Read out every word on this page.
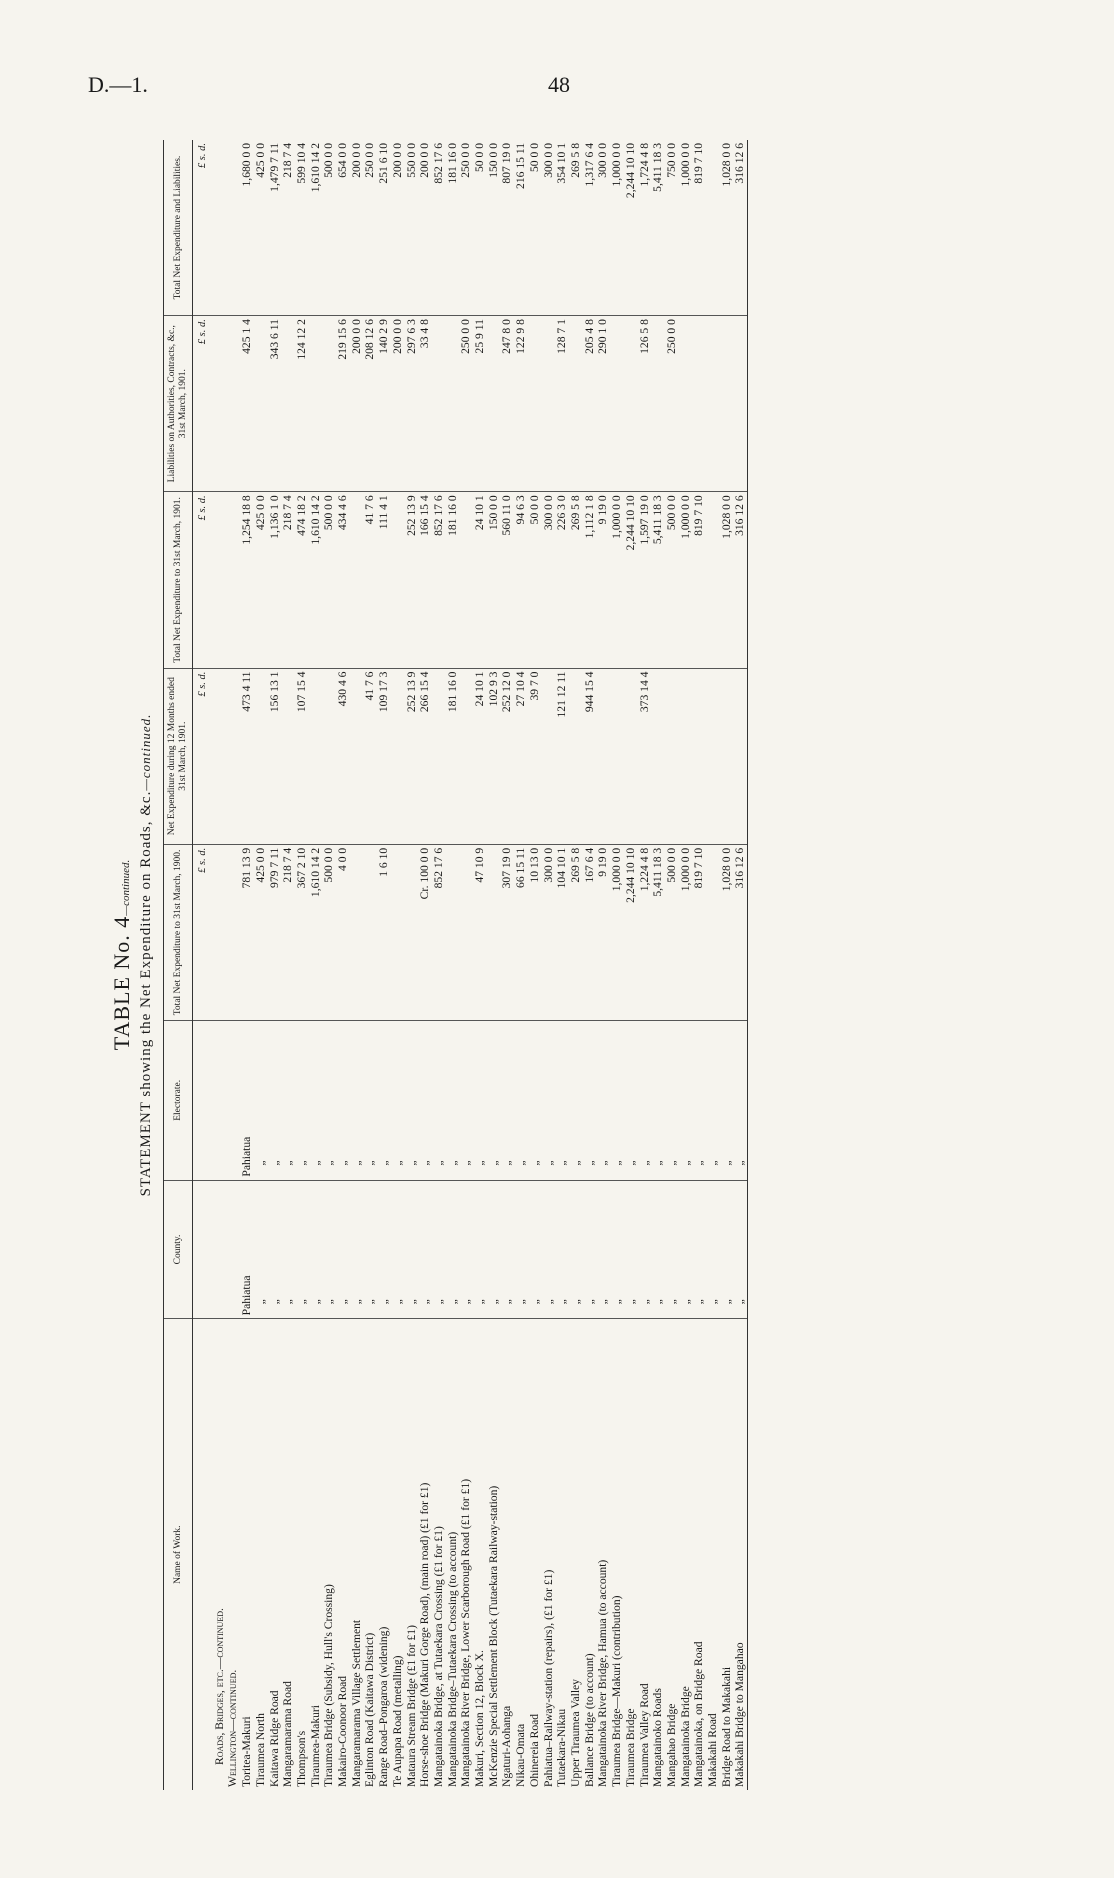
D.—1.	48
TABLE No. 4—continued. STATEMENT showing the Net Expenditure on Roads, &c.—continued.
Name of Work.	County.	Electorate.	Total Net Expenditure to 31st March, 1900.	Net Expenditure during 12 Months ended 31st March, 1901.	Total Net Expenditure to 31st March, 1901.	Liabilities on Authorities, Contracts, &c., 31st March, 1901.	Total Net Expenditure and Liabilities.
			£ s. d.	£ s. d.	£ s. d.	£ s. d.	£ s. d.
Roads, Bridges, etc.—continued.							
Wellington—continued.							
Toritea-Makuri	Pahiatua	Pahiatua	781 13 9	473 4 11	1,254 18 8	425 1 4	1,680 0 0
Tiraumea North	„	„	425 0 0		425 0 0		425 0 0
Kaitawa Ridge Road	„	„	979 7 11	156 13 1	1,136 1 0	343 6 11	1,479 7 11
Mangaramarama Road	„	„	218 7 4		218 7 4		218 7 4
Thompson's	„	„	367 2 10	107 15 4	474 18 2	124 12 2	599 10 4
Tiraumea-Makuri	„	„	1,610 14 2		1,610 14 2		1,610 14 2
Tiraumea Bridge (Subsidy, Hull's Crossing)	„	„	500 0 0		500 0 0		500 0 0
Makairo-Coonoor Road	„	„	4 0 0	430 4 6	434 4 6	219 15 6	654 0 0
Mangaramarama Village Settlement	„	„				200 0 0	200 0 0
Eglinton Road (Kaitawa District)	„	„		41 7 6	41 7 6	208 12 6	250 0 0
Range Road–Pongaroa (widening)	„	„	1 6 10	109 17 3	111 4 1	140 2 9	251 6 10
Te Aupapa Road (metalling)	„	„				200 0 0	200 0 0
Mataura Stream Bridge (£1 for £1)	„	„		252 13 9	252 13 9	297 6 3	550 0 0
Horse-shoe Bridge (Makuri Gorge Road), (main road) (£1 for £1)	„	„	Cr. 100 0 0	266 15 4	166 15 4	33 4 8	200 0 0
Mangatainoka Bridge, at Tutaekara Crossing (£1 for £1)	„	„	852 17 6		852 17 6		852 17 6
Mangatainoka Bridge–Tutaekara Crossing (to account)	„	„		181 16 0	181 16 0		181 16 0
Mangatainoka River Bridge, Lower Scarborough Road (£1 for £1)	„	„				250 0 0	250 0 0
Makuri, Section 12, Block X.	„	„	47 10 9	24 10 1	24 10 1	25 9 11	50 0 0
McKenzie Special Settlement Block (Tutaekara Railway-station)	„	„		102 9 3	150 0 0		150 0 0
Ngaturi-Aohanga	„	„	307 19 0	252 12 0	560 11 0	247 8 0	807 19 0
Nikau-Omata	„	„	66 15 11	27 10 4	94 6 3	122 9 8	216 15 11
Ohinereia Road	„	„	10 13 0	39 7 0	50 0 0		50 0 0
Pahiatua–Railway-station (repairs), (£1 for £1)	„	„	300 0 0		300 0 0		300 0 0
Tutaekara-Nikau	„	„	104 10 1	121 12 11	226 3 0	128 7 1	354 10 1
Upper Tiraumea Valley	„	„	269 5 8		269 5 8		269 5 8
Ballance Bridge (to account)	„	„	167 6 4	944 15 4	1,112 1 8	205 4 8	1,317 6 4
Mangatainoka River Bridge, Hamua (to account)	„	„	9 19 0		9 19 0	290 1 0	300 0 0
Tiraumea Bridge—Makuri (contribution)	„	„	1,000 0 0		1,000 0 0		1,000 0 0
Tiraumea Bridge	„	„	2,244 10 10		2,244 10 10		2,244 10 10
Tiraumea Valley Road	„	„	1,224 4 8	373 14 4	1,597 19 0	126 5 8	1,724 4 8
Mangatainoko Roads	„	„	5,411 18 3		5,411 18 3		5,411 18 3
Mangahao Bridge	„	„	500 0 0		500 0 0	250 0 0	750 0 0
Mangatainoka Bridge	„	„	1,000 0 0		1,000 0 0		1,000 0 0
Mangatainoka, on Bridge Road	„	„	819 7 10		819 7 10		819 7 10
Makakahi Road	„	„					
Bridge Road to Makakahi	„	„	1,028 0 0		1,028 0 0		1,028 0 0
Makakahi Bridge to Mangahao	„	„	316 12 6		316 12 6		316 12 6
